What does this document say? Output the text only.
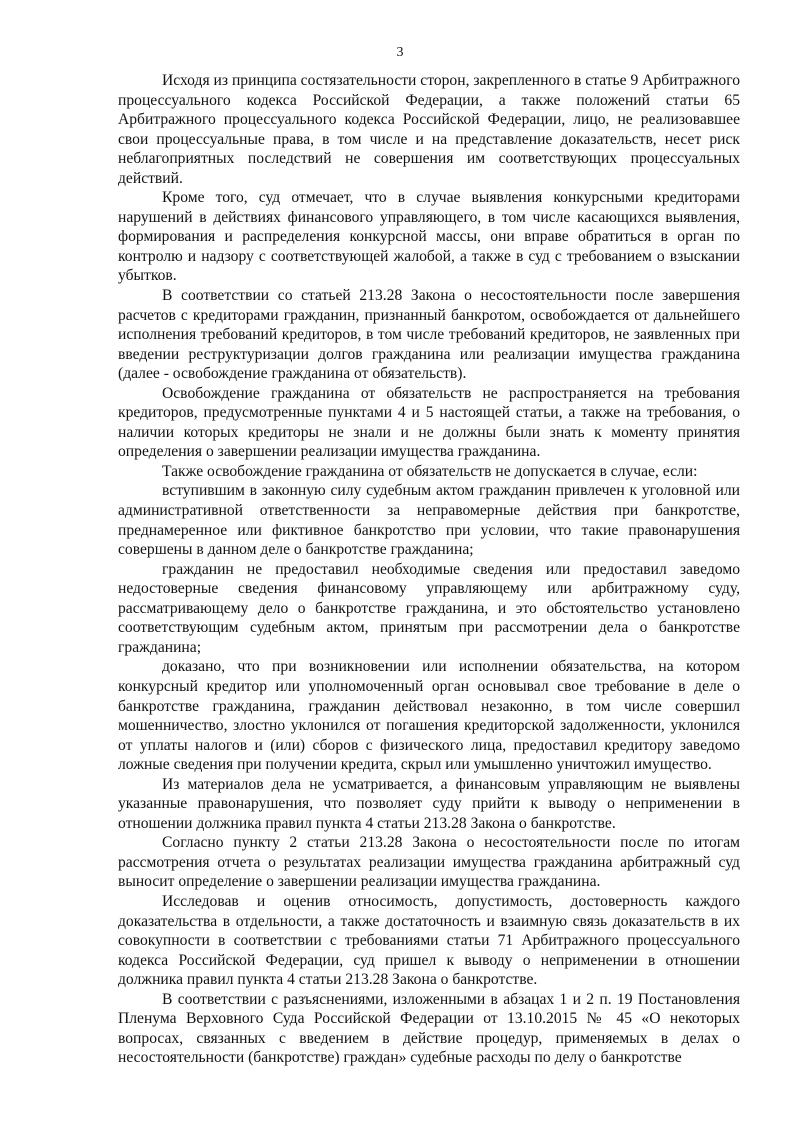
3

Исходя из принципа состязательности сторон, закрепленного в статье 9 Арбитражного процессуального кодекса Российской Федерации, а также положений статьи 65 Арбитражного процессуального кодекса Российской Федерации, лицо, не реализовавшее свои процессуальные права, в том числе и на представление доказательств, несет риск неблагоприятных последствий не совершения им соответствующих процессуальных действий.

Кроме того, суд отмечает, что в случае выявления конкурсными кредиторами нарушений в действиях финансового управляющего, в том числе касающихся выявления, формирования и распределения конкурсной массы, они вправе обратиться в орган по контролю и надзору с соответствующей жалобой, а также в суд с требованием о взыскании убытков.

В соответствии со статьей 213.28 Закона о несостоятельности после завершения расчетов с кредиторами гражданин, признанный банкротом, освобождается от дальнейшего исполнения требований кредиторов, в том числе требований кредиторов, не заявленных при введении реструктуризации долгов гражданина или реализации имущества гражданина (далее - освобождение гражданина от обязательств).

Освобождение гражданина от обязательств не распространяется на требования кредиторов, предусмотренные пунктами 4 и 5 настоящей статьи, а также на требования, о наличии которых кредиторы не знали и не должны были знать к моменту принятия определения о завершении реализации имущества гражданина.

Также освобождение гражданина от обязательств не допускается в случае, если:

вступившим в законную силу судебным актом гражданин привлечен к уголовной или административной ответственности за неправомерные действия при банкротстве, преднамеренное или фиктивное банкротство при условии, что такие правонарушения совершены в данном деле о банкротстве гражданина;

гражданин не предоставил необходимые сведения или предоставил заведомо недостоверные сведения финансовому управляющему или арбитражному суду, рассматривающему дело о банкротстве гражданина, и это обстоятельство установлено соответствующим судебным актом, принятым при рассмотрении дела о банкротстве гражданина;

доказано, что при возникновении или исполнении обязательства, на котором конкурсный кредитор или уполномоченный орган основывал свое требование в деле о банкротстве гражданина, гражданин действовал незаконно, в том числе совершил мошенничество, злостно уклонился от погашения кредиторской задолженности, уклонился от уплаты налогов и (или) сборов с физического лица, предоставил кредитору заведомо ложные сведения при получении кредита, скрыл или умышленно уничтожил имущество.

Из материалов дела не усматривается, а финансовым управляющим не выявлены указанные правонарушения, что позволяет суду прийти к выводу о неприменении в отношении должника правил пункта 4 статьи 213.28 Закона о банкротстве.

Согласно пункту 2 статьи 213.28 Закона о несостоятельности после по итогам рассмотрения отчета о результатах реализации имущества гражданина арбитражный суд выносит определение о завершении реализации имущества гражданина.

Исследовав и оценив относимость, допустимость, достоверность каждого доказательства в отдельности, а также достаточность и взаимную связь доказательств в их совокупности в соответствии с требованиями статьи 71 Арбитражного процессуального кодекса Российской Федерации, суд пришел к выводу о неприменении в отношении должника правил пункта 4 статьи 213.28 Закона о банкротстве.

В соответствии с разъяснениями, изложенными в абзацах 1 и 2 п. 19 Постановления Пленума Верховного Суда Российской Федерации от 13.10.2015 № 45 «О некоторых вопросах, связанных с введением в действие процедур, применяемых в делах о несостоятельности (банкротстве) граждан» судебные расходы по делу о банкротстве
